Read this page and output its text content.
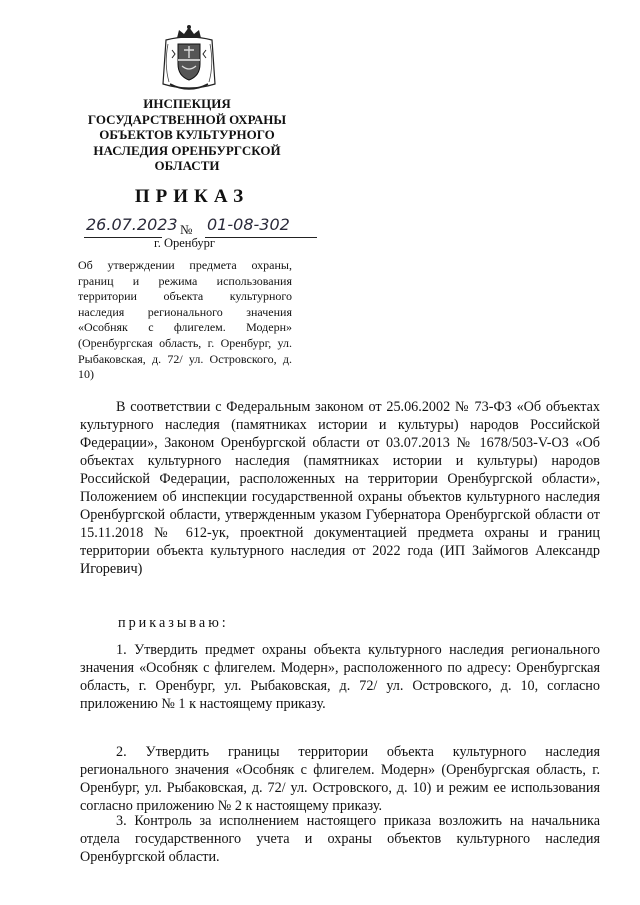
ИНСПЕКЦИЯ
ГОСУДАРСТВЕННОЙ ОХРАНЫ
ОБЪЕКТОВ КУЛЬТУРНОГО
НАСЛЕДИЯ ОРЕНБУРГСКОЙ
ОБЛАСТИ
ПРИКАЗ
26.07.2023 № 01-08-302
г. Оренбург
Об утверждении предмета охраны, границ и режима использования территории объекта культурного наследия регионального значения «Особняк с флигелем. Модерн» (Оренбургская область, г. Оренбург, ул. Рыбаковская, д. 72/ ул. Островского, д. 10)
В соответствии с Федеральным законом от 25.06.2002 № 73-ФЗ «Об объектах культурного наследия (памятниках истории и культуры) народов Российской Федерации», Законом Оренбургской области от 03.07.2013 № 1678/503-V-ОЗ «Об объектах культурного наследия (памятниках истории и культуры) народов Российской Федерации, расположенных на территории Оренбургской области», Положением об инспекции государственной охраны объектов культурного наследия Оренбургской области, утвержденным указом Губернатора Оренбургской области от 15.11.2018 № 612-ук, проектной документацией предмета охраны и границ территории объекта культурного наследия от 2022 года (ИП Займогов Александр Игоревич)
приказываю:
1. Утвердить предмет охраны объекта культурного наследия регионального значения «Особняк с флигелем. Модерн», расположенного по адресу: Оренбургская область, г. Оренбург, ул. Рыбаковская, д. 72/ ул. Островского, д. 10, согласно приложению № 1 к настоящему приказу.
2. Утвердить границы территории объекта культурного наследия регионального значения «Особняк с флигелем. Модерн» (Оренбургская область, г. Оренбург, ул. Рыбаковская, д. 72/ ул. Островского, д. 10) и режим ее использования согласно приложению № 2 к настоящему приказу.
3. Контроль за исполнением настоящего приказа возложить на начальника отдела государственного учета и охраны объектов культурного наследия Оренбургской области.
